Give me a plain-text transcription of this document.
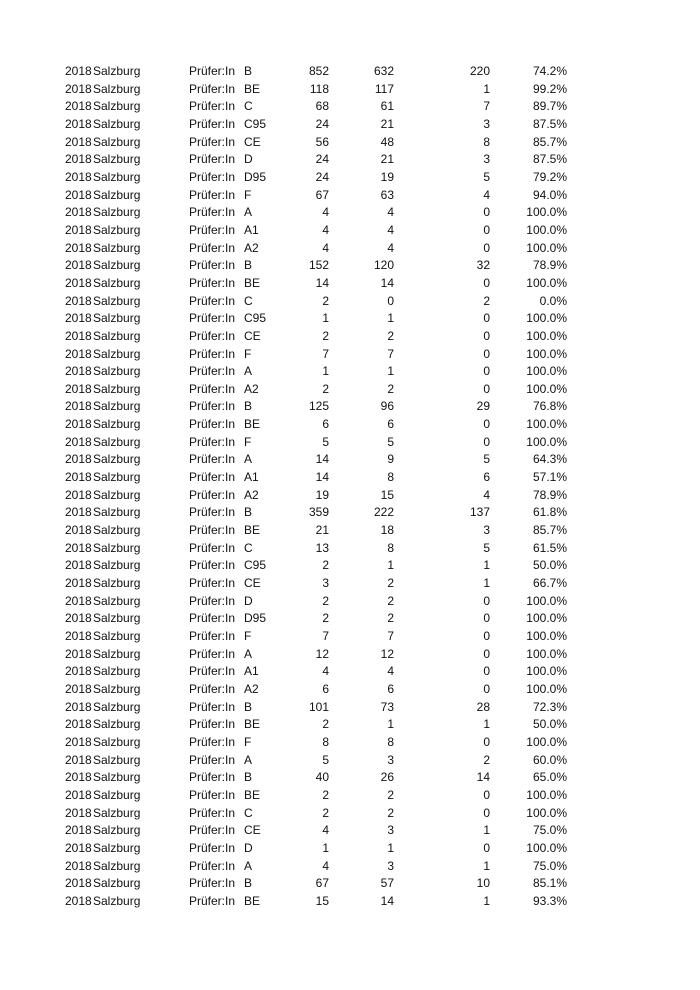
2018 Salzburg	Prüfer:In B	852	632	220	74.2%
2018 Salzburg	Prüfer:In BE	118	117	1	99.2%
2018 Salzburg	Prüfer:In C	68	61	7	89.7%
2018 Salzburg	Prüfer:In C95	24	21	3	87.5%
2018 Salzburg	Prüfer:In CE	56	48	8	85.7%
2018 Salzburg	Prüfer:In D	24	21	3	87.5%
2018 Salzburg	Prüfer:In D95	24	19	5	79.2%
2018 Salzburg	Prüfer:In F	67	63	4	94.0%
2018 Salzburg	Prüfer:In A	4	4	0	100.0%
2018 Salzburg	Prüfer:In A1	4	4	0	100.0%
2018 Salzburg	Prüfer:In A2	4	4	0	100.0%
2018 Salzburg	Prüfer:In B	152	120	32	78.9%
2018 Salzburg	Prüfer:In BE	14	14	0	100.0%
2018 Salzburg	Prüfer:In C	2	0	2	0.0%
2018 Salzburg	Prüfer:In C95	1	1	0	100.0%
2018 Salzburg	Prüfer:In CE	2	2	0	100.0%
2018 Salzburg	Prüfer:In F	7	7	0	100.0%
2018 Salzburg	Prüfer:In A	1	1	0	100.0%
2018 Salzburg	Prüfer:In A2	2	2	0	100.0%
2018 Salzburg	Prüfer:In B	125	96	29	76.8%
2018 Salzburg	Prüfer:In BE	6	6	0	100.0%
2018 Salzburg	Prüfer:In F	5	5	0	100.0%
2018 Salzburg	Prüfer:In A	14	9	5	64.3%
2018 Salzburg	Prüfer:In A1	14	8	6	57.1%
2018 Salzburg	Prüfer:In A2	19	15	4	78.9%
2018 Salzburg	Prüfer:In B	359	222	137	61.8%
2018 Salzburg	Prüfer:In BE	21	18	3	85.7%
2018 Salzburg	Prüfer:In C	13	8	5	61.5%
2018 Salzburg	Prüfer:In C95	2	1	1	50.0%
2018 Salzburg	Prüfer:In CE	3	2	1	66.7%
2018 Salzburg	Prüfer:In D	2	2	0	100.0%
2018 Salzburg	Prüfer:In D95	2	2	0	100.0%
2018 Salzburg	Prüfer:In F	7	7	0	100.0%
2018 Salzburg	Prüfer:In A	12	12	0	100.0%
2018 Salzburg	Prüfer:In A1	4	4	0	100.0%
2018 Salzburg	Prüfer:In A2	6	6	0	100.0%
2018 Salzburg	Prüfer:In B	101	73	28	72.3%
2018 Salzburg	Prüfer:In BE	2	1	1	50.0%
2018 Salzburg	Prüfer:In F	8	8	0	100.0%
2018 Salzburg	Prüfer:In A	5	3	2	60.0%
2018 Salzburg	Prüfer:In B	40	26	14	65.0%
2018 Salzburg	Prüfer:In BE	2	2	0	100.0%
2018 Salzburg	Prüfer:In C	2	2	0	100.0%
2018 Salzburg	Prüfer:In CE	4	3	1	75.0%
2018 Salzburg	Prüfer:In D	1	1	0	100.0%
2018 Salzburg	Prüfer:In A	4	3	1	75.0%
2018 Salzburg	Prüfer:In B	67	57	10	85.1%
2018 Salzburg	Prüfer:In BE	15	14	1	93.3%
